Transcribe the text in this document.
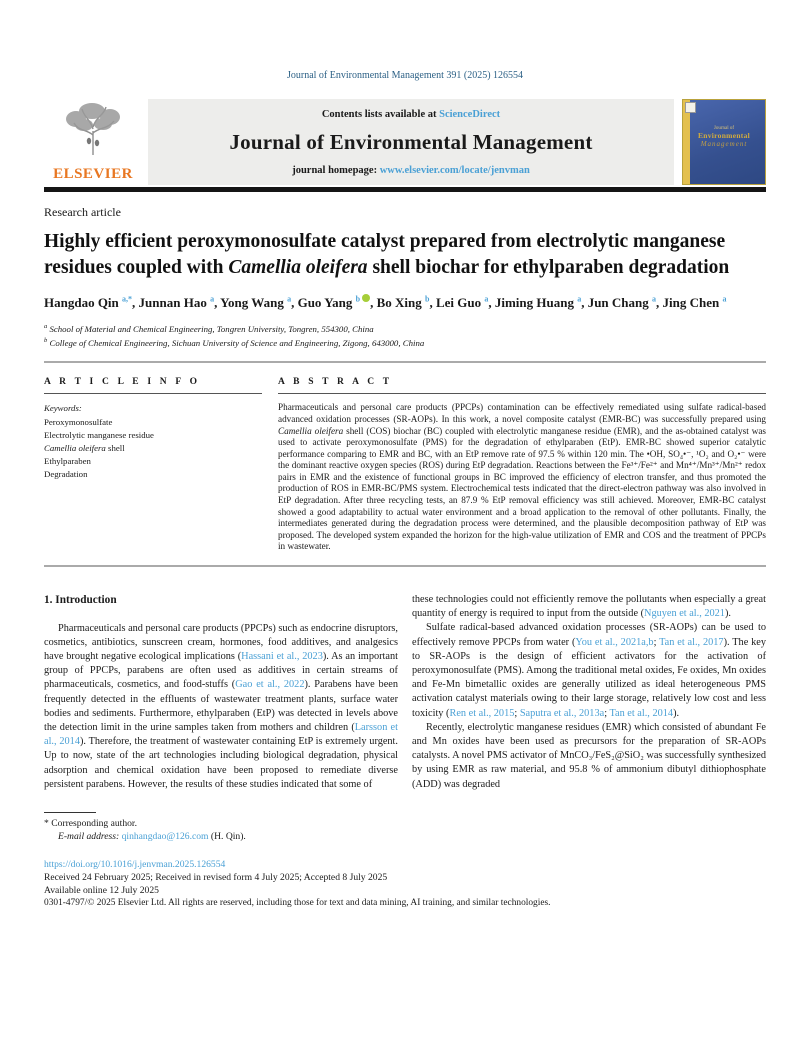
Journal of Environmental Management 391 (2025) 126554
ELSEVIER
Contents lists available at ScienceDirect
Journal of Environmental Management
journal homepage: www.elsevier.com/locate/jenvman
Journal of
Environmental
Management
Research article
Highly efficient peroxymonosulfate catalyst prepared from electrolytic manganese residues coupled with Camellia oleifera shell biochar for ethylparaben degradation
Hangdao Qin $^{a,*}$, Junnan Hao $^a$, Yong Wang $^a$, Guo Yang $^b$ , Bo Xing $^b$, Lei Guo $^a$, Jiming Huang $^a$, Jun Chang $^a$, Jing Chen $^a$
$^a$ School of Material and Chemical Engineering, Tongren University, Tongren, 554300, China
$^b$ College of Chemical Engineering, Sichuan University of Science and Engineering, Zigong, 643000, China
A R T I C L E I N F O
Keywords:
Peroxymonosulfate
Electrolytic manganese residue
Camellia oleifera shell
Ethylparaben
Degradation
A B S T R A C T

Pharmaceuticals and personal care products (PPCPs) contamination can be effectively remediated using sulfate radical-based advanced oxidation processes (SR-AOPs). In this work, a novel composite catalyst (EMR-BC) was successfully prepared using Camellia oleifera shell (COS) biochar (BC) coupled with electrolytic manganese residue (EMR), and the as-obtained catalyst was used to activate peroxymonosulfate (PMS) for the degradation of ethylparaben (EtP). EMR-BC showed superior catalytic performance comparing to EMR and BC, with an EtP remove rate of 97.5 % within 120 min. The •OH, SO₄•⁻, ¹O₂ and O₂•⁻ were the dominant reactive oxygen species (ROS) during EtP degradation. Reactions between the Fe³⁺/Fe²⁺ and Mn⁴⁺/Mn³⁺/Mn²⁺ redox pairs in EMR and the existence of functional groups in BC improved the efficiency of electron transfer, and thus promoted the production of ROS in EMR-BC/PMS system. Electrochemical tests indicated that the direct-electron pathway was also involved in EtP degradation. After three recycling tests, an 87.9 % EtP removal efficiency was still achieved. Moreover, EMR-BC catalyst showed a good adaptability to actual water environment and a broad application to the removal of other pollutants. Finally, the intermediates generated during the degradation process were determined, and the plausible decomposition pathway of EtP was proposed. The developed system expanded the horizon for the high-value utilization of EMR and COS and the treatment of PPCPs in wastewater.

1. Introduction

Pharmaceuticals and personal care products (PPCPs) such as endocrine disruptors, cosmetics, antibiotics, sunscreen cream, hormones, food additives, and analgesics have brought negative ecological implications (Hassani et al., 2023). As an important group of PPCPs, parabens are often used as additives in certain streams of pharmaceuticals, cosmetics, and food-stuffs (Gao et al., 2022). Parabens have been frequently detected in the effluents of wastewater treatment plants, surface water bodies and sediments. Furthermore, ethylparaben (EtP) was detected in levels above the detection limit in the urine samples taken from mothers and children (Larsson et al., 2014). Therefore, the treatment of wastewater containing EtP is extremely urgent. Up to now, state of the art technologies including biological degradation, physical adsorption and chemical oxidation have been proposed to remediate diverse persistent parabens. However, the results of these studies indicated that some of

these technologies could not efficiently remove the pollutants when especially a great quantity of energy is required to input from the outside (Nguyen et al., 2021).

Sulfate radical-based advanced oxidation processes (SR-AOPs) can be used to effectively remove PPCPs from water (You et al., 2021a,b; Tan et al., 2017). The key to SR-AOPs is the design of efficient activators for the activation of peroxymonosulfate (PMS). Among the traditional metal oxides, Fe oxides, Mn oxides and Fe-Mn bimetallic oxides are generally utilized as ideal heterogeneous PMS activation catalyst materials owing to their large storage, relatively low cost and less toxicity (Ren et al., 2015; Saputra et al., 2013a; Tan et al., 2014).

Recently, electrolytic manganese residues (EMR) which consisted of abundant Fe and Mn oxides have been used as precursors for the preparation of SR-AOPs catalysts. A novel PMS activator of MnCO₃/FeS₂@SiO₂ was successfully synthesized by using EMR as raw material, and 95.8 % of ammonium dibutyl dithiophosphate (ADD) was degraded

* Corresponding author.
E-mail address: qinhangdao@126.com (H. Qin).
https://doi.org/10.1016/j.jenvman.2025.126554
Received 24 February 2025; Received in revised form 4 July 2025; Accepted 8 July 2025
Available online 12 July 2025
0301-4797/© 2025 Elsevier Ltd. All rights are reserved, including those for text and data mining, AI training, and similar technologies.
